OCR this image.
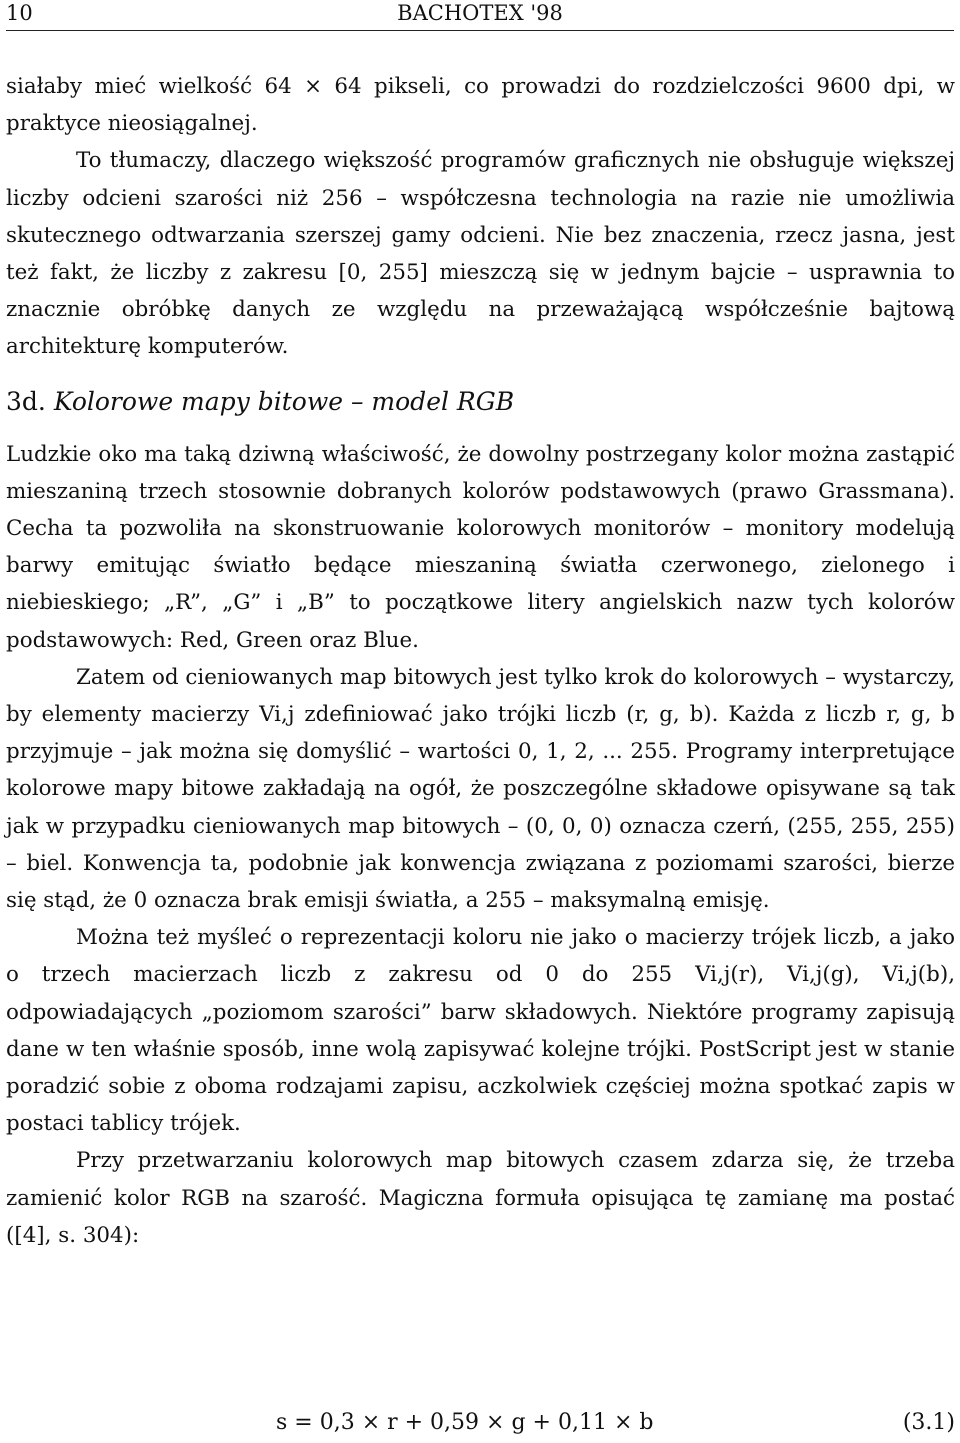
10	BACHOTEX '98

siałaby mieć wielkość 64 × 64 pikseli, co prowadzi do rozdzielczości 9600 dpi, w praktyce nieosiągalnej.

To tłumaczy, dlaczego większość programów graficznych nie obsługuje większej liczby odcieni szarości niż 256 – współczesna technologia na razie nie umożliwia skutecznego odtwarzania szerszej gamy odcieni. Nie bez znaczenia, rzecz jasna, jest też fakt, że liczby z zakresu [0, 255] mieszczą się w jednym bajcie – usprawnia to znacznie obróbkę danych ze względu na przeważającą współcześnie bajtową architekturę komputerów.

3d. Kolorowe mapy bitowe – model RGB

Ludzkie oko ma taką dziwną właściwość, że dowolny postrzegany kolor można zastąpić mieszaniną trzech stosownie dobranych kolorów podstawowych (prawo Grassmana). Cecha ta pozwoliła na skonstruowanie kolorowych monitorów – monitory modelują barwy emitując światło będące mieszaniną światła czerwonego, zielonego i niebieskiego; „R”, „G” i „B” to początkowe litery angielskich nazw tych kolorów podstawowych: Red, Green oraz Blue.

Zatem od cieniowanych map bitowych jest tylko krok do kolorowych – wystarczy, by elementy macierzy Vi,j zdefiniować jako trójki liczb (r, g, b). Każda z liczb r, g, b przyjmuje – jak można się domyślić – wartości 0, 1, 2, ... 255. Programy interpretujące kolorowe mapy bitowe zakładają na ogół, że poszczególne składowe opisywane są tak jak w przypadku cieniowanych map bitowych – (0, 0, 0) oznacza czerń, (255, 255, 255) – biel. Konwencja ta, podobnie jak konwencja związana z poziomami szarości, bierze się stąd, że 0 oznacza brak emisji światła, a 255 – maksymalną emisję.

Można też myśleć o reprezentacji koloru nie jako o macierzy trójek liczb, a jako o trzech macierzach liczb z zakresu od 0 do 255 Vi,j(r), Vi,j(g), Vi,j(b), odpowiadających „poziomom szarości” barw składowych. Niektóre programy zapisują dane w ten właśnie sposób, inne wolą zapisywać kolejne trójki. PostScript jest w stanie poradzić sobie z oboma rodzajami zapisu, aczkolwiek częściej można spotkać zapis w postaci tablicy trójek.

Przy przetwarzaniu kolorowych map bitowych czasem zdarza się, że trzeba zamienić kolor RGB na szarość. Magiczna formuła opisująca tę zamianę ma postać ([4], s. 304):

s = 0,3 × r + 0,59 × g + 0,11 × b	(3.1)
